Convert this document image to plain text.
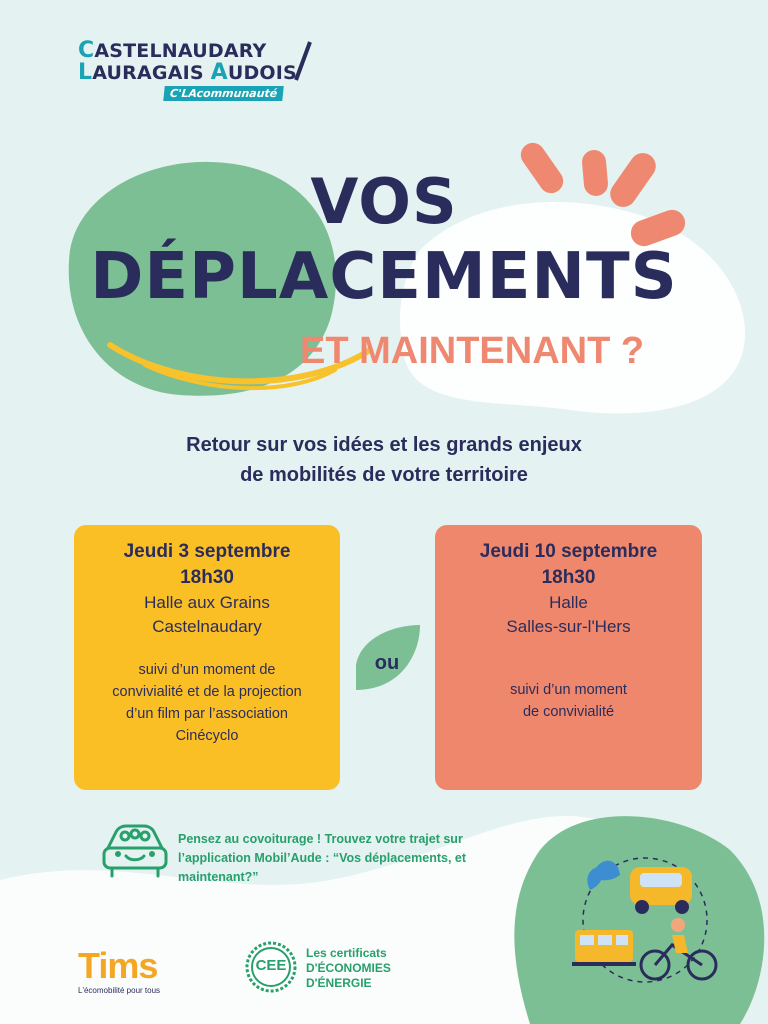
CASTELNAUDARY
LAURAGAIS AUDOIS
C'LAcommunauté
VOS
DÉPLACEMENTS
ET MAINTENANT ?
Retour sur vos idées et les grands enjeux
de mobilités de votre territoire
Jeudi 3 septembre
18h30
Halle aux Grains
Castelnaudary
suivi d’un moment de
convivialité et de la projection
d’un film par l’association
Cinécyclo
ou
Jeudi 10 septembre
18h30
Halle
Salles-sur-l'Hers
suivi d’un moment
de convivialité
Pensez au covoiturage ! Trouvez votre trajet sur
l’application Mobil’Aude : “Vos déplacements, et
maintenant?”
Tims
L'écomobilité pour tous
CEE
Les certificats
D'ÉCONOMIES
D'ÉNERGIE
